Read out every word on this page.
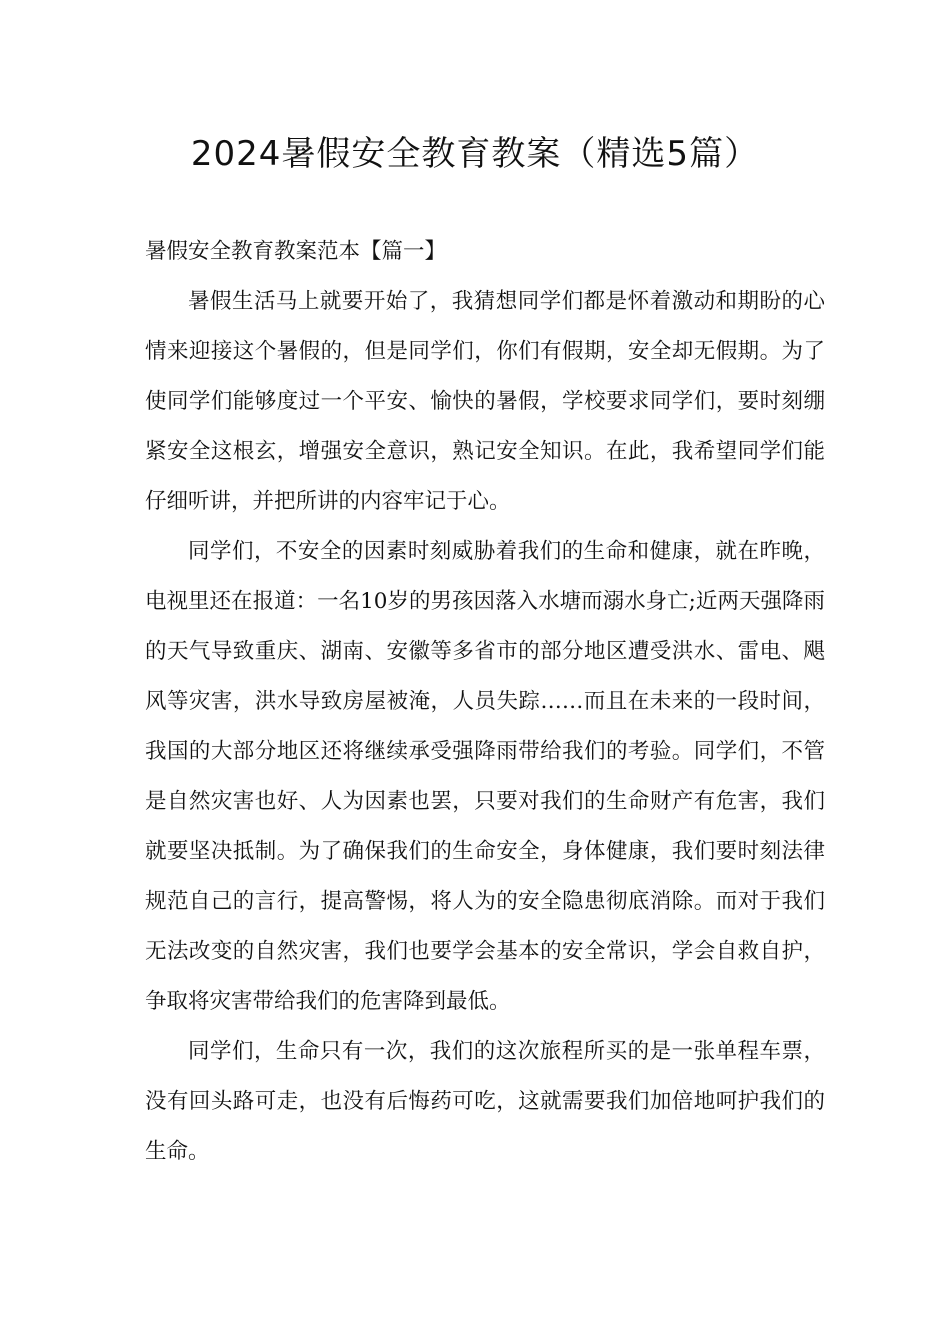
2024暑假安全教育教案（精选5篇）
暑假安全教育教案范本【篇一】

暑假生活马上就要开始了，我猜想同学们都是怀着激动和期盼的心情来迎接这个暑假的，但是同学们，你们有假期，安全却无假期。为了使同学们能够度过一个平安、愉快的暑假，学校要求同学们，要时刻绷紧安全这根玄，增强安全意识，熟记安全知识。在此，我希望同学们能仔细听讲，并把所讲的内容牢记于心。

同学们，不安全的因素时刻威胁着我们的生命和健康，就在昨晚，电视里还在报道：一名10岁的男孩因落入水塘而溺水身亡;近两天强降雨的天气导致重庆、湖南、安徽等多省市的部分地区遭受洪水、雷电、飓风等灾害，洪水导致房屋被淹，人员失踪……而且在未来的一段时间，我国的大部分地区还将继续承受强降雨带给我们的考验。同学们，不管是自然灾害也好、人为因素也罢，只要对我们的生命财产有危害，我们就要坚决抵制。为了确保我们的生命安全，身体健康，我们要时刻法律规范自己的言行，提高警惕，将人为的安全隐患彻底消除。而对于我们无法改变的自然灾害，我们也要学会基本的安全常识，学会自救自护，争取将灾害带给我们的危害降到最低。

同学们，生命只有一次，我们的这次旅程所买的是一张单程车票，没有回头路可走，也没有后悔药可吃，这就需要我们加倍地呵护我们的生命。
